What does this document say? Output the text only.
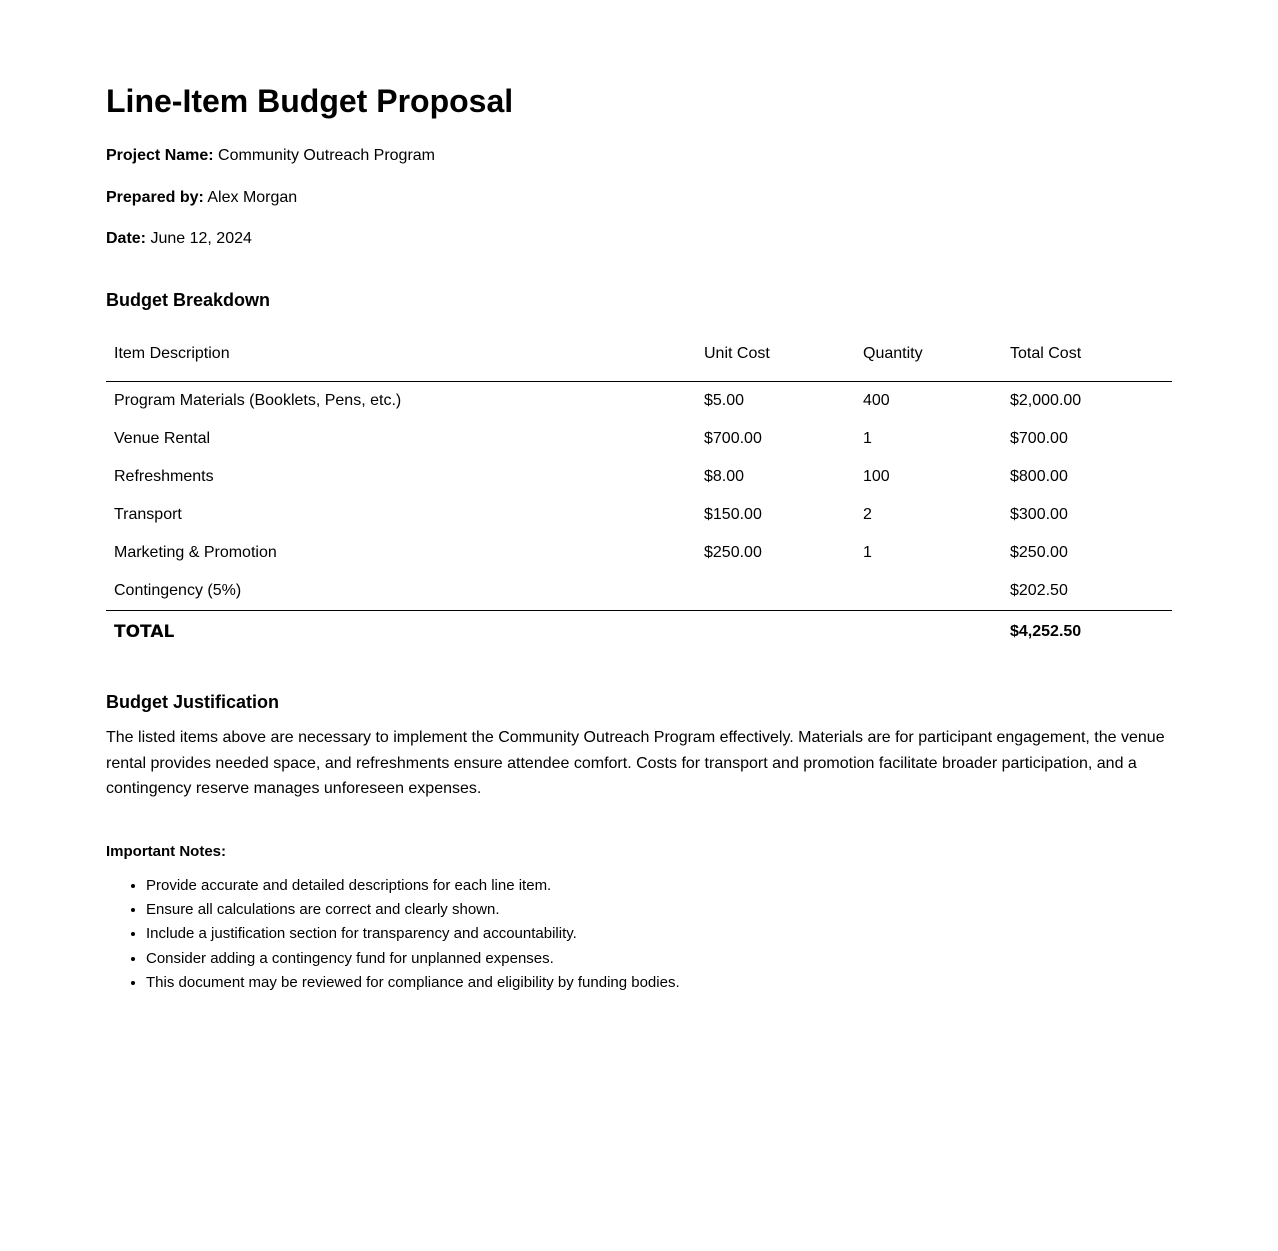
Line-Item Budget Proposal

Project Name: Community Outreach Program

Prepared by: Alex Morgan

Date: June 12, 2024

Budget Breakdown
Item Description	Unit Cost	Quantity	Total Cost
Program Materials (Booklets, Pens, etc.)	$5.00	400	$2,000.00
Venue Rental	$700.00	1	$700.00
Refreshments	$8.00	100	$800.00
Transport	$150.00	2	$300.00
Marketing & Promotion	$250.00	1	$250.00
Contingency (5%)			$202.50
TOTAL			$4,252.50
Budget Justification

The listed items above are necessary to implement the Community Outreach Program effectively. Materials are for participant engagement, the venue rental provides needed space, and refreshments ensure attendee comfort. Costs for transport and promotion facilitate broader participation, and a contingency reserve manages unforeseen expenses.

Important Notes:

• Provide accurate and detailed descriptions for each line item.
• Ensure all calculations are correct and clearly shown.
• Include a justification section for transparency and accountability.
• Consider adding a contingency fund for unplanned expenses.
• This document may be reviewed for compliance and eligibility by funding bodies.
